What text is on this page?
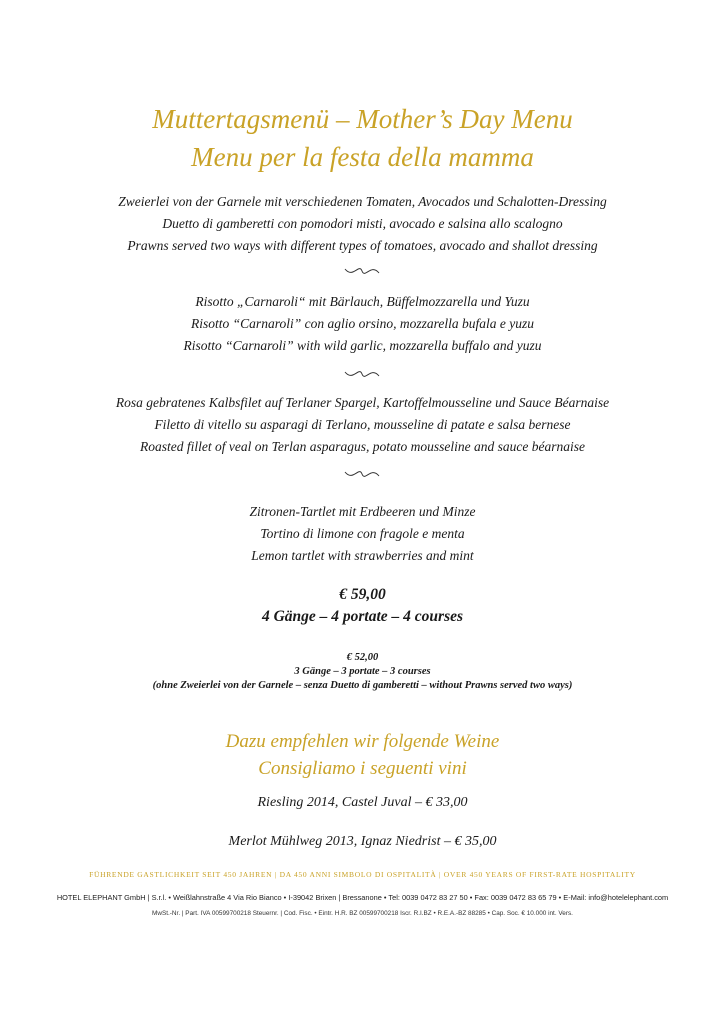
Muttertagsmenü – Mother’s Day Menu
Menu per la festa della mamma
Zweierlei von der Garnele mit verschiedenen Tomaten, Avocados und Schalotten-Dressing
Duetto di gamberetti con pomodori misti, avocado e salsina allo scalogno
Prawns served two ways with different types of tomatoes, avocado and shallot dressing
Risotto „Carnaroli“ mit Bärlauch, Büffelmozzarella und Yuzu
Risotto “Carnaroli” con aglio orsino, mozzarella bufala e yuzu
Risotto “Carnaroli” with wild garlic, mozzarella buffalo and yuzu
Rosa gebratenes Kalbsfilet auf Terlaner Spargel, Kartoffelmousseline und Sauce Béarnaise
Filetto di vitello su asparagi di Terlano, mousseline di patate e salsa bernese
Roasted fillet of veal on Terlan asparagus, potato mousseline and sauce béarnaise
Zitronen-Tartlet mit Erdbeeren und Minze
Tortino di limone con fragole e menta
Lemon tartlet with strawberries and mint
€ 59,00
4 Gänge – 4 portate – 4 courses
€ 52,00
3 Gänge – 3 portate – 3 courses
(ohne Zweierlei von der Garnele – senza Duetto di gamberetti – without Prawns served two ways)
Dazu empfehlen wir folgende Weine
Consigliamo i seguenti vini
Riesling 2014, Castel Juval – € 33,00
Merlot Mühlweg 2013, Ignaz Niedrist – € 35,00
FÜHRENDE GASTLICHKEIT SEIT 450 JAHREN | DA 450 ANNI SIMBOLO DI OSPITALITÀ | OVER 450 YEARS OF FIRST-RATE HOSPITALITY
HOTEL ELEPHANT GmbH | S.r.l. • Weißlahnstraße 4 Via Rio Bianco • I-39042 Brixen | Bressanone • Tel: 0039 0472 83 27 50 • Fax: 0039 0472 83 65 79 • E-Mail: info@hotelelephant.com
MwSt.-Nr. | Part. IVA 00599700218 Steuernr. | Cod. Fisc. • Eintr. H.R. BZ 00599700218 Iscr. R.I.BZ • R.E.A.-BZ 88285 • Cap. Soc. € 10.000 int. Vers.
